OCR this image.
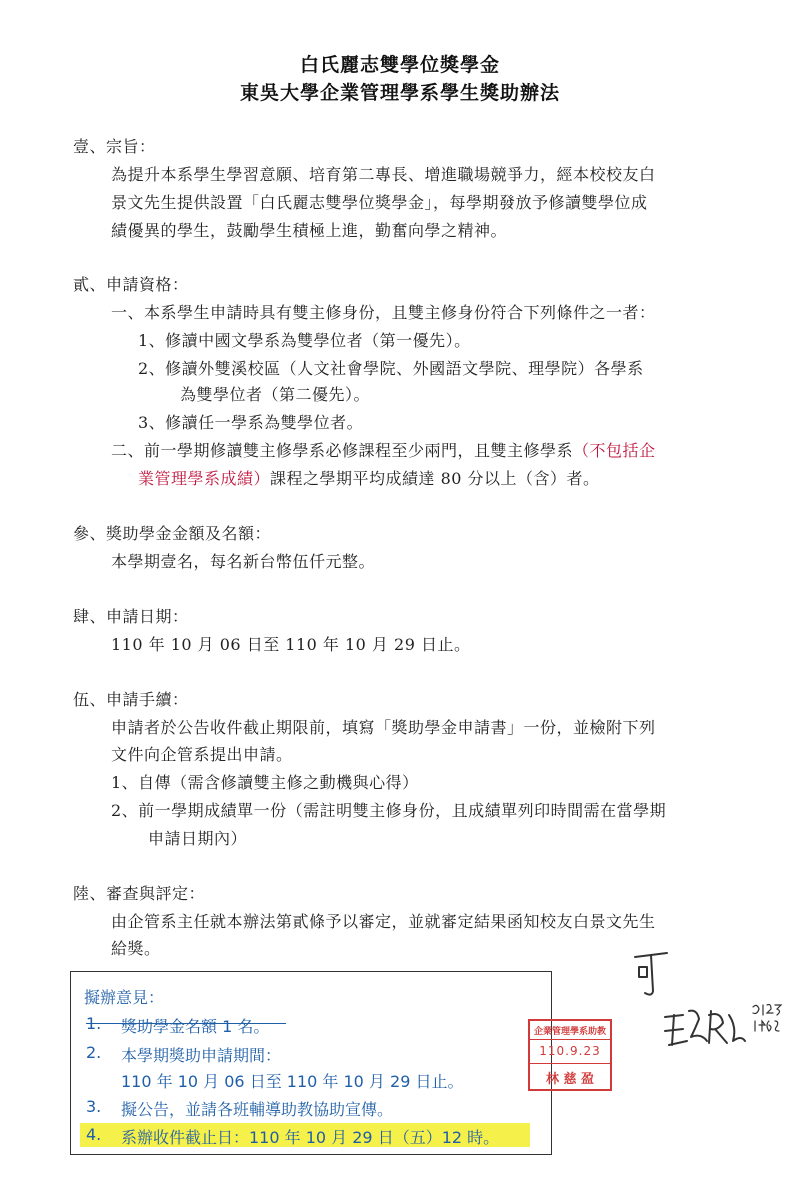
白氏麗志雙學位獎學金
東吳大學企業管理學系學生獎助辦法
壹、宗旨：
為提升本系學生學習意願、培育第二專長、增進職場競爭力，經本校校友白
景文先生提供設置「白氏麗志雙學位獎學金」，每學期發放予修讀雙學位成
績優異的學生，鼓勵學生積極上進，勤奮向學之精神。
貳、申請資格：
一、本系學生申請時具有雙主修身份，且雙主修身份符合下列條件之一者：
1、修讀中國文學系為雙學位者（第一優先）。
2、修讀外雙溪校區（人文社會學院、外國語文學院、理學院）各學系
為雙學位者（第二優先）。
3、修讀任一學系為雙學位者。
二、前一學期修讀雙主修學系必修課程至少兩門，且雙主修學系（不包括企
業管理學系成績）課程之學期平均成績達 80 分以上（含）者。
參、獎助學金金額及名額：
本學期壹名，每名新台幣伍仟元整。
肆、申請日期：
110 年 10 月 06 日至 110 年 10 月 29 日止。
伍、申請手續：
申請者於公告收件截止期限前，填寫「獎助學金申請書」一份，並檢附下列
文件向企管系提出申請。
1、自傳（需含修讀雙主修之動機與心得）
2、前一學期成績單一份（需註明雙主修身份，且成績單列印時間需在當學期
申請日期內）
陸、審查與評定：
由企管系主任就本辦法第貳條予以審定，並就審定結果函知校友白景文先生
給獎。
擬辦意見：
1. 獎助學金名額 1 名。
2. 本學期獎助申請期間：
110 年 10 月 06 日至 110 年 10 月 29 日止。
3. 擬公告，並請各班輔導助教協助宣傳。
4. 系辦收件截止日：110 年 10 月 29 日（五）12 時。
企業管理學系助教
110.9.23
林 慈 盈
